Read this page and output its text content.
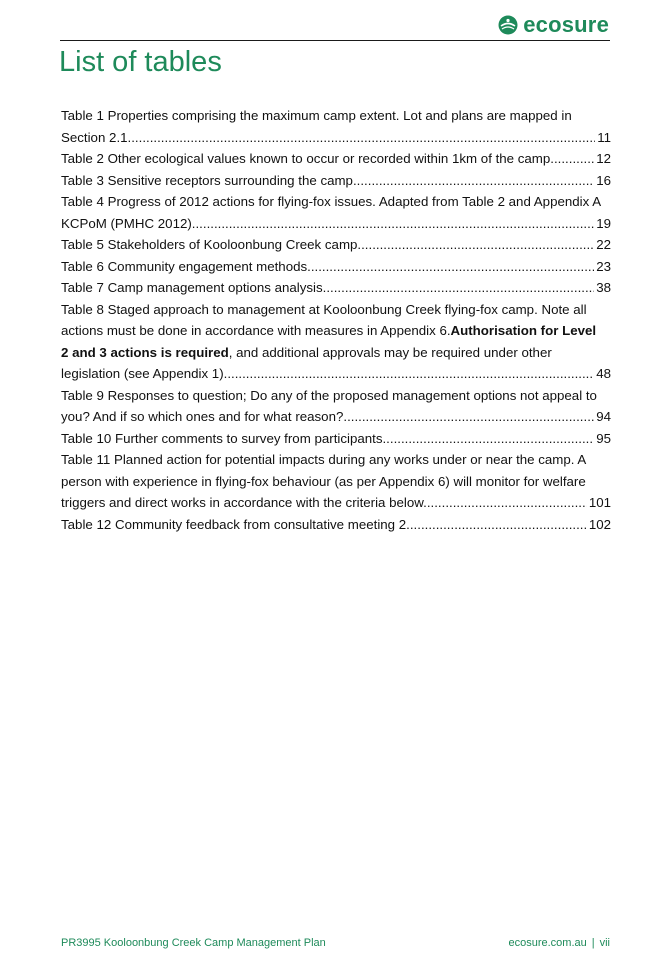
ecosure
List of tables
Table 1 Properties comprising the maximum camp extent. Lot and plans are mapped in
Section 2.1. .....	11
Table 2 Other ecological values known to occur or recorded within 1km of the camp .....	12
Table 3 Sensitive receptors surrounding the camp .....	16
Table 4 Progress of 2012 actions for flying-fox issues. Adapted from Table 2 and Appendix A
KCPoM (PMHC 2012) .....	19
Table 5 Stakeholders of Kooloonbung Creek camp .....	22
Table 6 Community engagement methods .....	23
Table 7 Camp management options analysis .....	38
Table 8 Staged approach to management at Kooloonbung Creek flying-fox camp. Note all
actions must be done in accordance with measures in Appendix 6. Authorisation for Level
2 and 3 actions is required , and additional approvals may be required under other
legislation (see Appendix 1). .....	48
Table 9 Responses to question; Do any of the proposed management options not appeal to
you? And if so which ones and for what reason? .....	94
Table 10 Further comments to survey from participants .....	95
Table 11 Planned action for potential impacts during any works under or near the camp. A
person with experience in flying-fox behaviour (as per Appendix 6) will monitor for welfare
triggers and direct works in accordance with the criteria below. .....	101
Table 12 Community feedback from consultative meeting 2. .....	102
PR3995 Kooloonbung Creek Camp Management Plan	ecosure.com.au | vii
